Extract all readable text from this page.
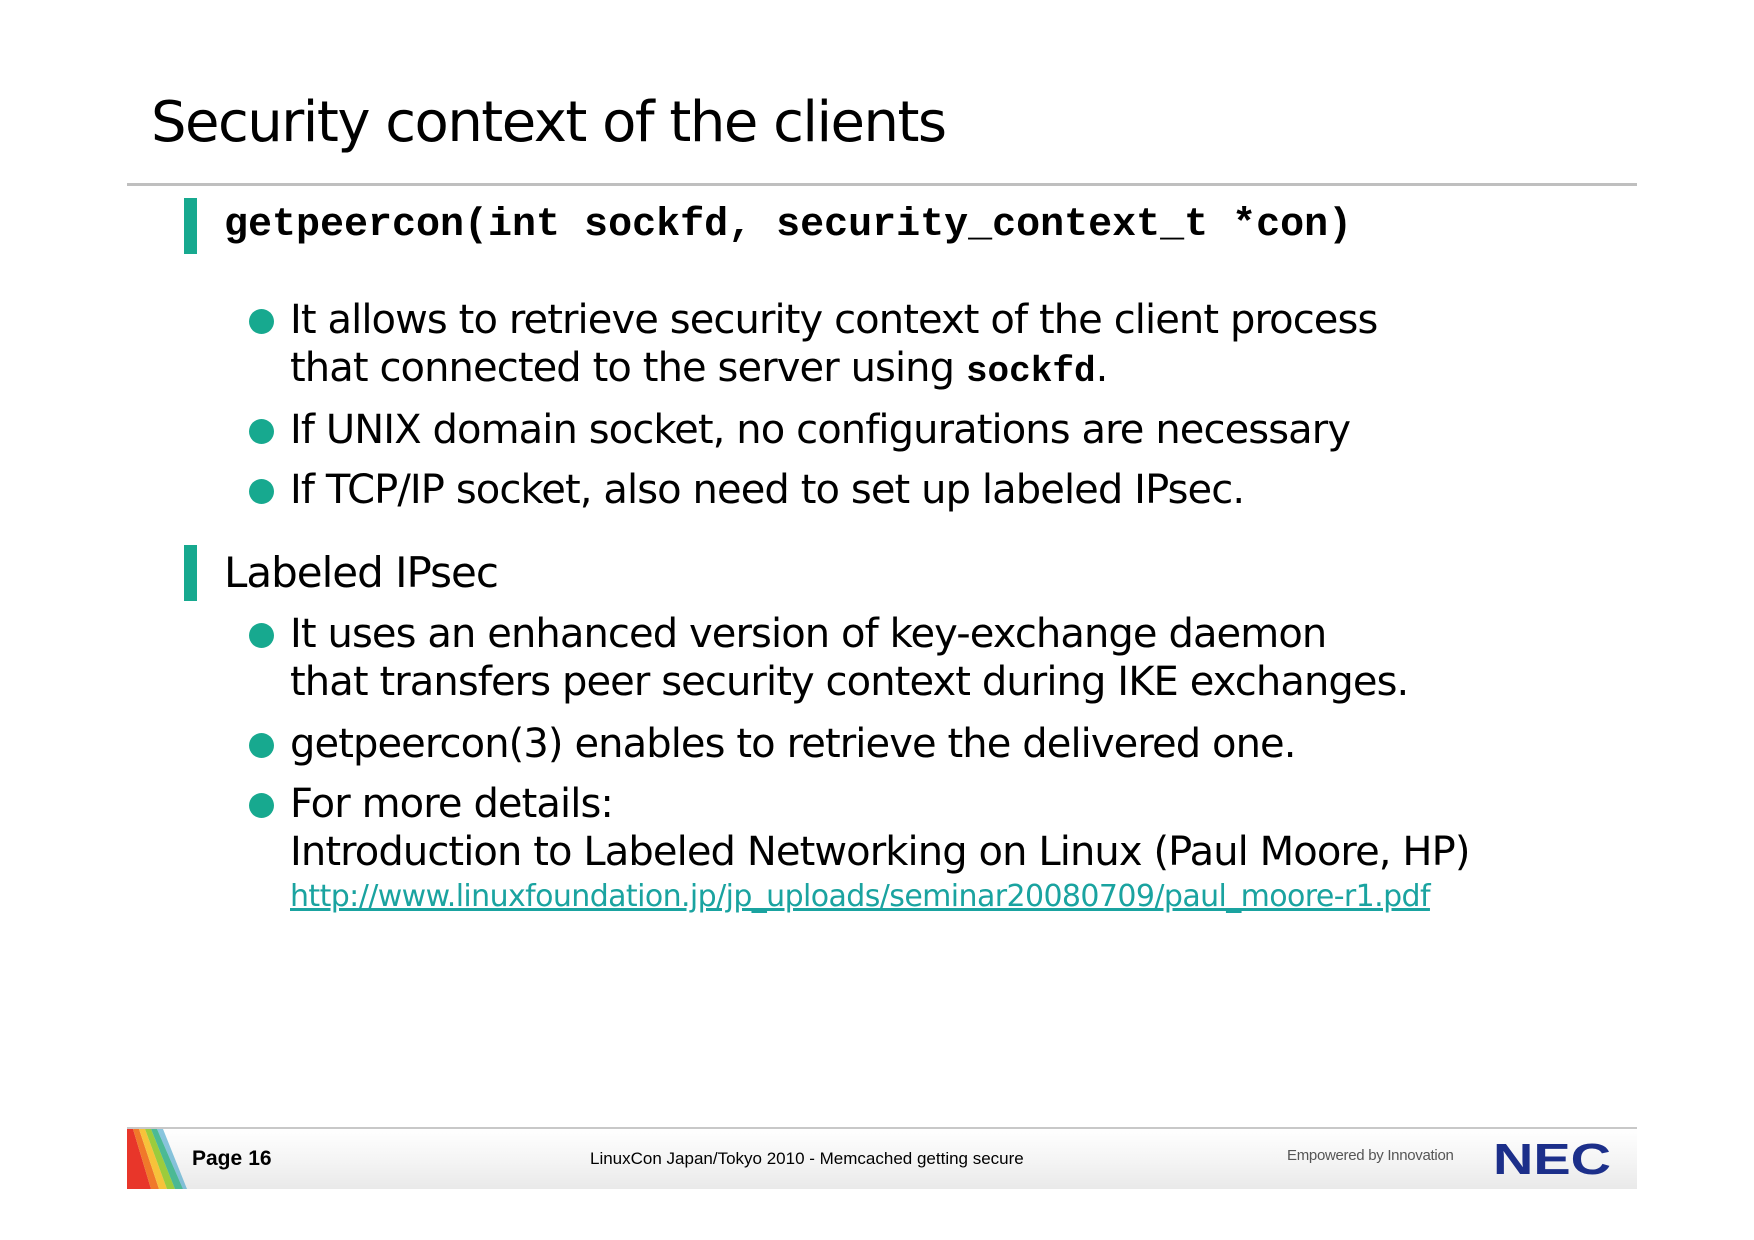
Security context of the clients
getpeercon(int sockfd, security_context_t *con)
It allows to retrieve security context of the client process
that connected to the server using sockfd.
If UNIX domain socket, no configurations are necessary
If TCP/IP socket, also need to set up labeled IPsec.
Labeled IPsec
It uses an enhanced version of key-exchange daemon
that transfers peer security context during IKE exchanges.
getpeercon(3) enables to retrieve the delivered one.
For more details:
Introduction to Labeled Networking on Linux (Paul Moore, HP)
http://www.linuxfoundation.jp/jp_uploads/seminar20080709/paul_moore-r1.pdf
Page 16	LinuxCon Japan/Tokyo 2010 - Memcached getting secure	Empowered by Innovation NEC
